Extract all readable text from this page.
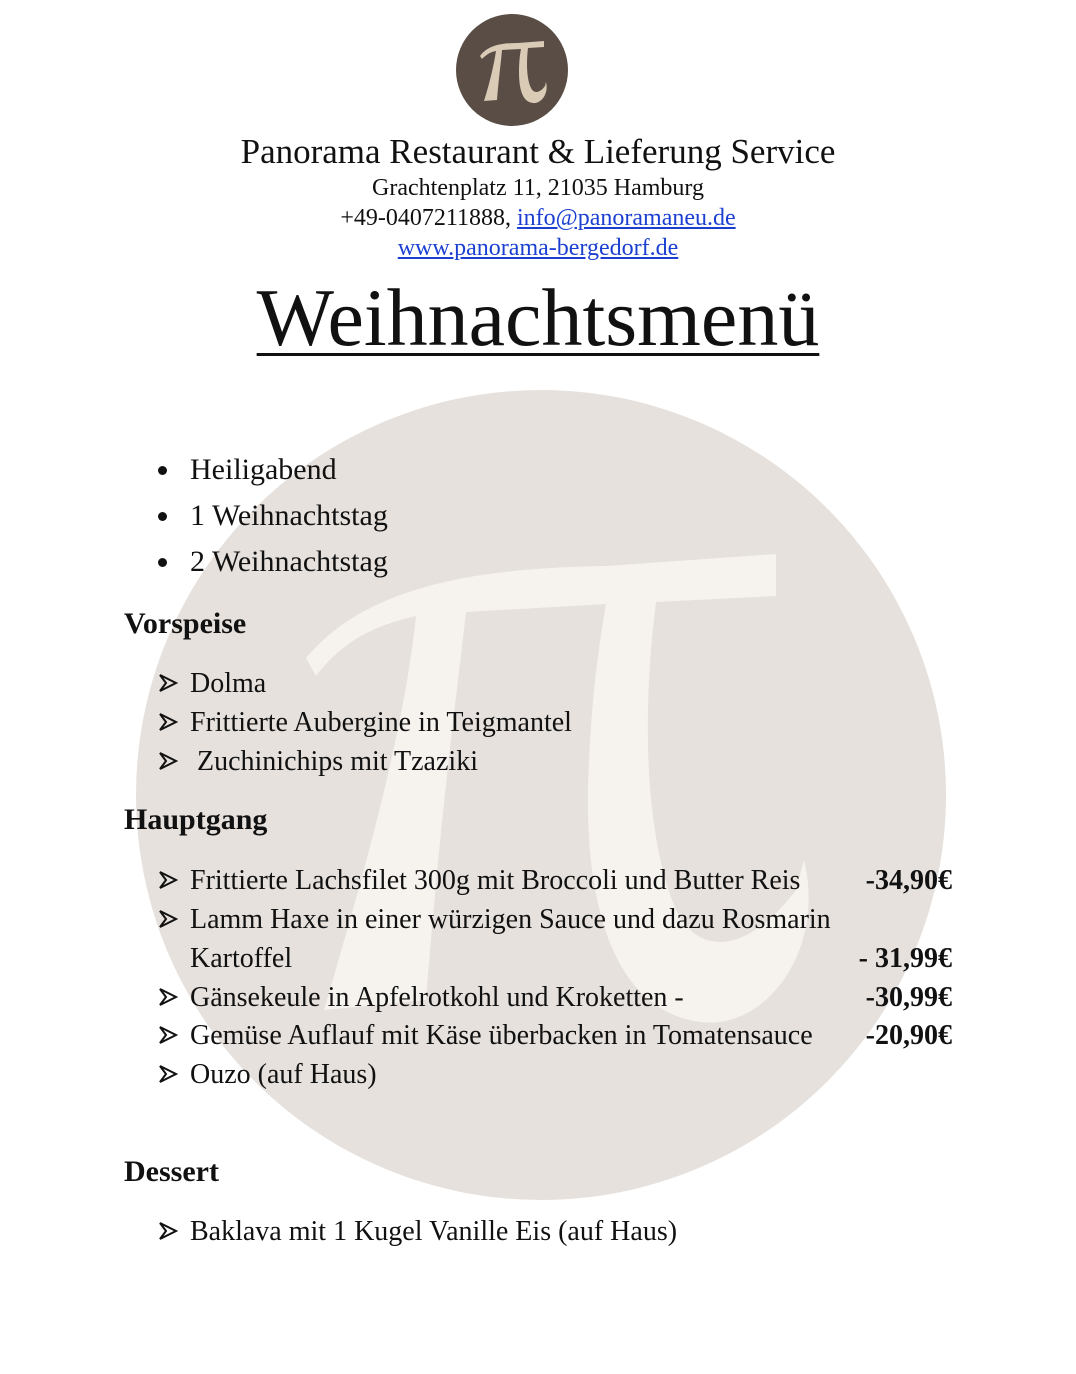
Panorama Restaurant & Lieferung Service
Grachtenplatz 11, 21035 Hamburg
+49-0407211888, info@panoramaneu.de
www.panorama-bergedorf.de
Weihnachtsmenü
Heiligabend
1 Weihnachtstag
2 Weihnachtstag
Vorspeise
Dolma
Frittierte Aubergine in Teigmantel
Zuchinichips mit Tzaziki
Hauptgang
Frittierte Lachsfilet 300g mit Broccoli und Butter Reis -34,90€
Lamm Haxe in einer würzigen Sauce und dazu Rosmarin
Kartoffel	- 31,99€
Gänsekeule in Apfelrotkohl und Kroketten -	-30,99€
Gemüse Auflauf mit Käse überbacken in Tomatensauce -20,90€
Ouzo (auf Haus)
Dessert
Baklava mit 1 Kugel Vanille Eis (auf Haus)
